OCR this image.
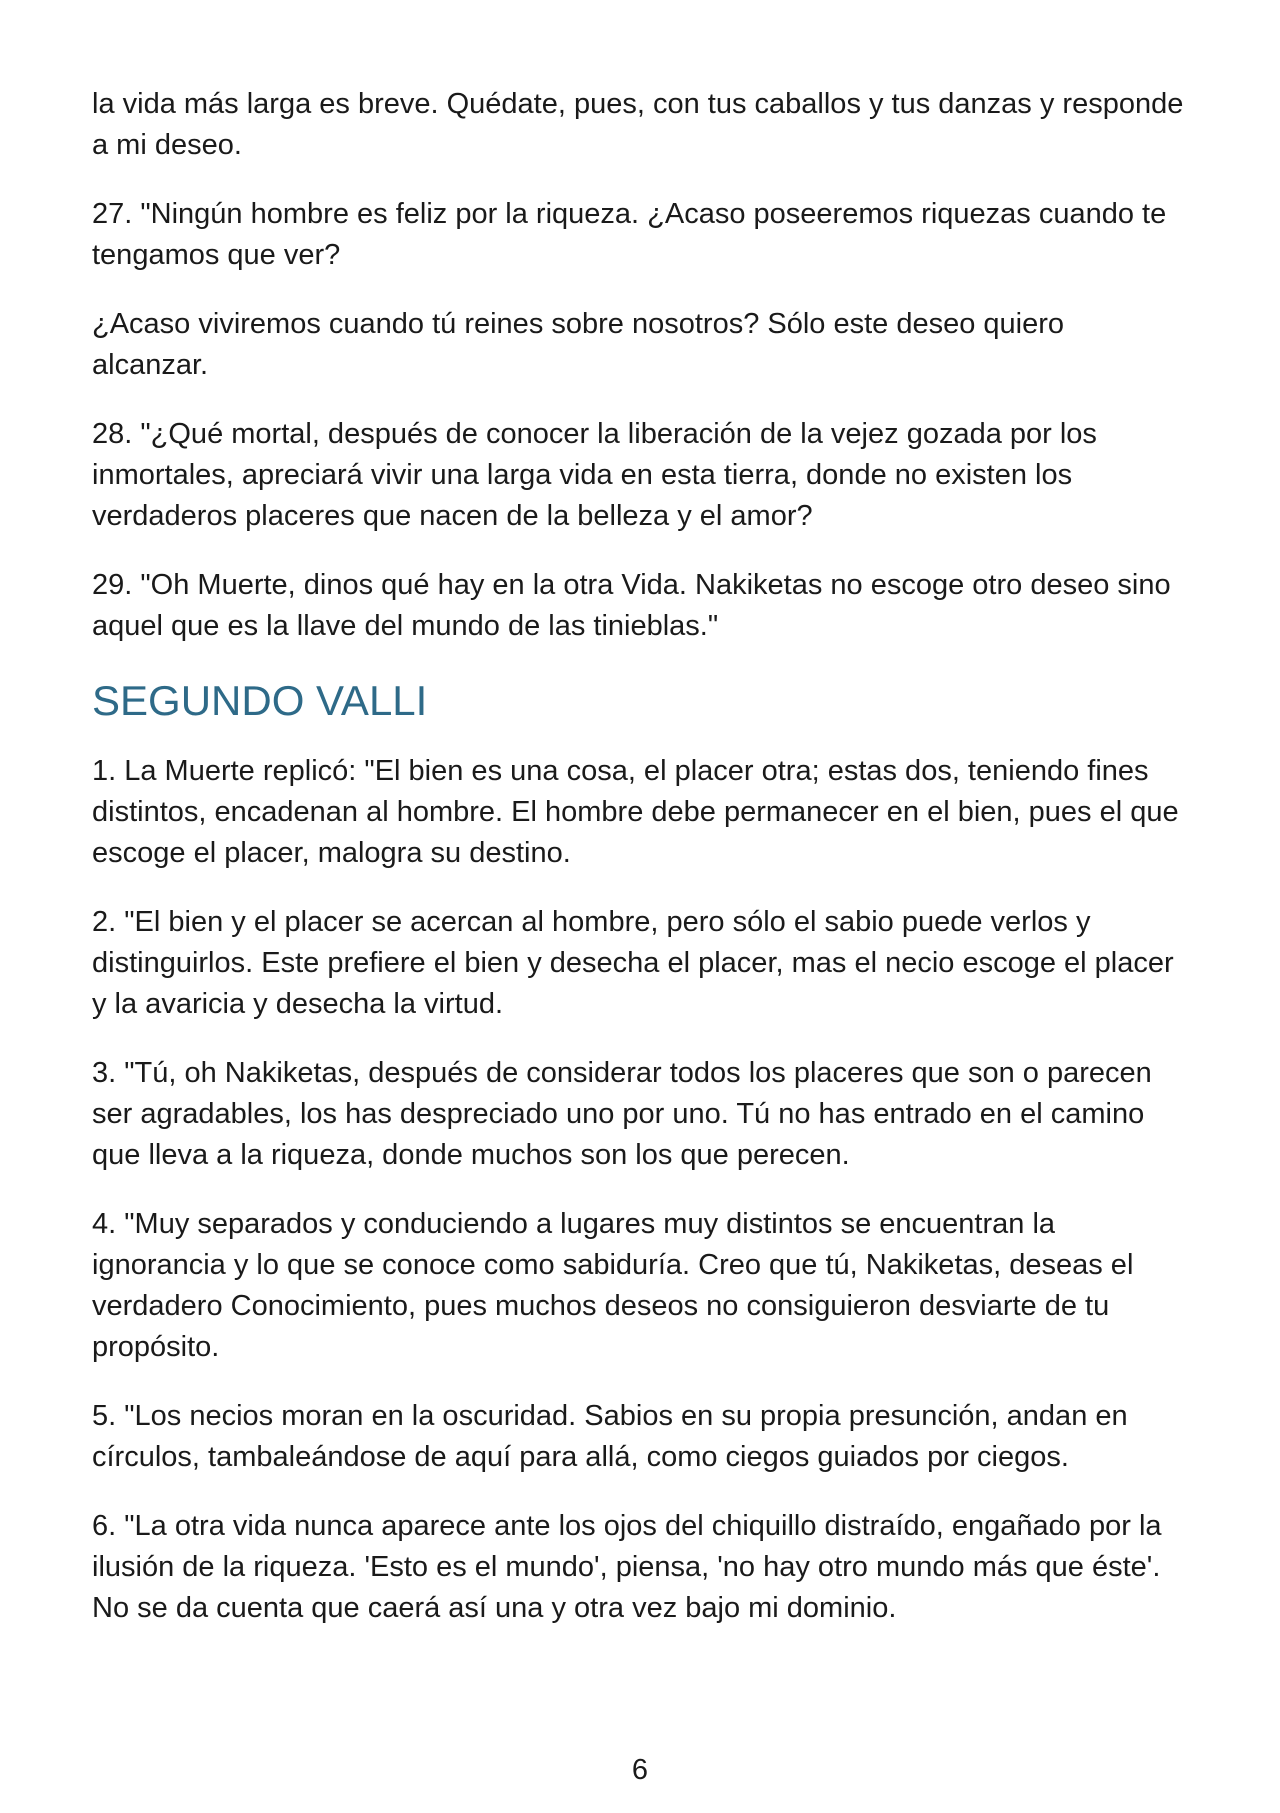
la vida más larga es breve. Quédate, pues, con tus caballos y tus danzas y responde a mi deseo.

27. "Ningún hombre es feliz por la riqueza. ¿Acaso poseeremos riquezas cuando te tengamos que ver?

¿Acaso viviremos cuando tú reines sobre nosotros? Sólo este deseo quiero alcanzar.

28. "¿Qué mortal, después de conocer la liberación de la vejez gozada por los inmortales, apreciará vivir una larga vida en esta tierra, donde no existen los verdaderos placeres que nacen de la belleza y el amor?

29. "Oh Muerte, dinos qué hay en la otra Vida. Nakiketas no escoge otro deseo sino aquel que es la llave del mundo de las tinieblas."

SEGUNDO VALLI

1. La Muerte replicó: "El bien es una cosa, el placer otra; estas dos, teniendo fines distintos, encadenan al hombre. El hombre debe permanecer en el bien, pues el que escoge el placer, malogra su destino.

2. "El bien y el placer se acercan al hombre, pero sólo el sabio puede verlos y distinguirlos. Este prefiere el bien y desecha el placer, mas el necio escoge el placer y la avaricia y desecha la virtud.

3. "Tú, oh Nakiketas, después de considerar todos los placeres que son o parecen ser agradables, los has despreciado uno por uno. Tú no has entrado en el camino que lleva a la riqueza, donde muchos son los que perecen.

4. "Muy separados y conduciendo a lugares muy distintos se encuentran la ignorancia y lo que se conoce como sabiduría. Creo que tú, Nakiketas, deseas el verdadero Conocimiento, pues muchos deseos no consiguieron desviarte de tu propósito.

5. "Los necios moran en la oscuridad. Sabios en su propia presunción, andan en círculos, tambaleándose de aquí para allá, como ciegos guiados por ciegos.

6. "La otra vida nunca aparece ante los ojos del chiquillo distraído, engañado por la ilusión de la riqueza. 'Esto es el mundo', piensa, 'no hay otro mundo más que éste'. No se da cuenta que caerá así una y otra vez bajo mi dominio.

6
